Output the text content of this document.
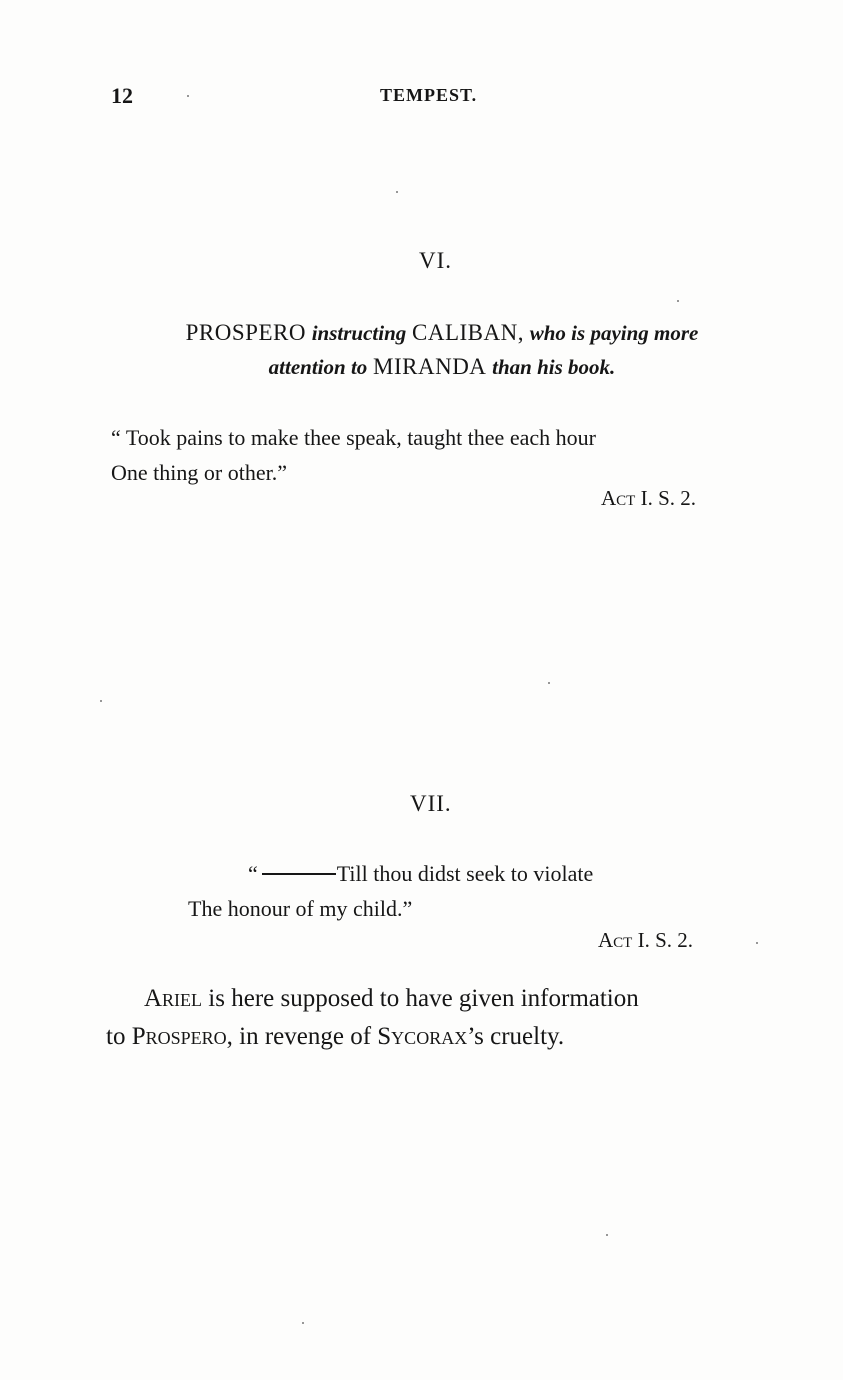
12	TEMPEST.
VI.
PROSPERO instructing CALIBAN, who is paying more
attention to MIRANDA than his book.
“ Took pains to make thee speak, taught thee each hour
One thing or other.”
Act I. S. 2.
VII.
“	Till thou didst seek to violate
The honour of my child.”
Act I. S. 2.
Ariel is here supposed to have given information
to Prospero, in revenge of Sycorax’s cruelty.
